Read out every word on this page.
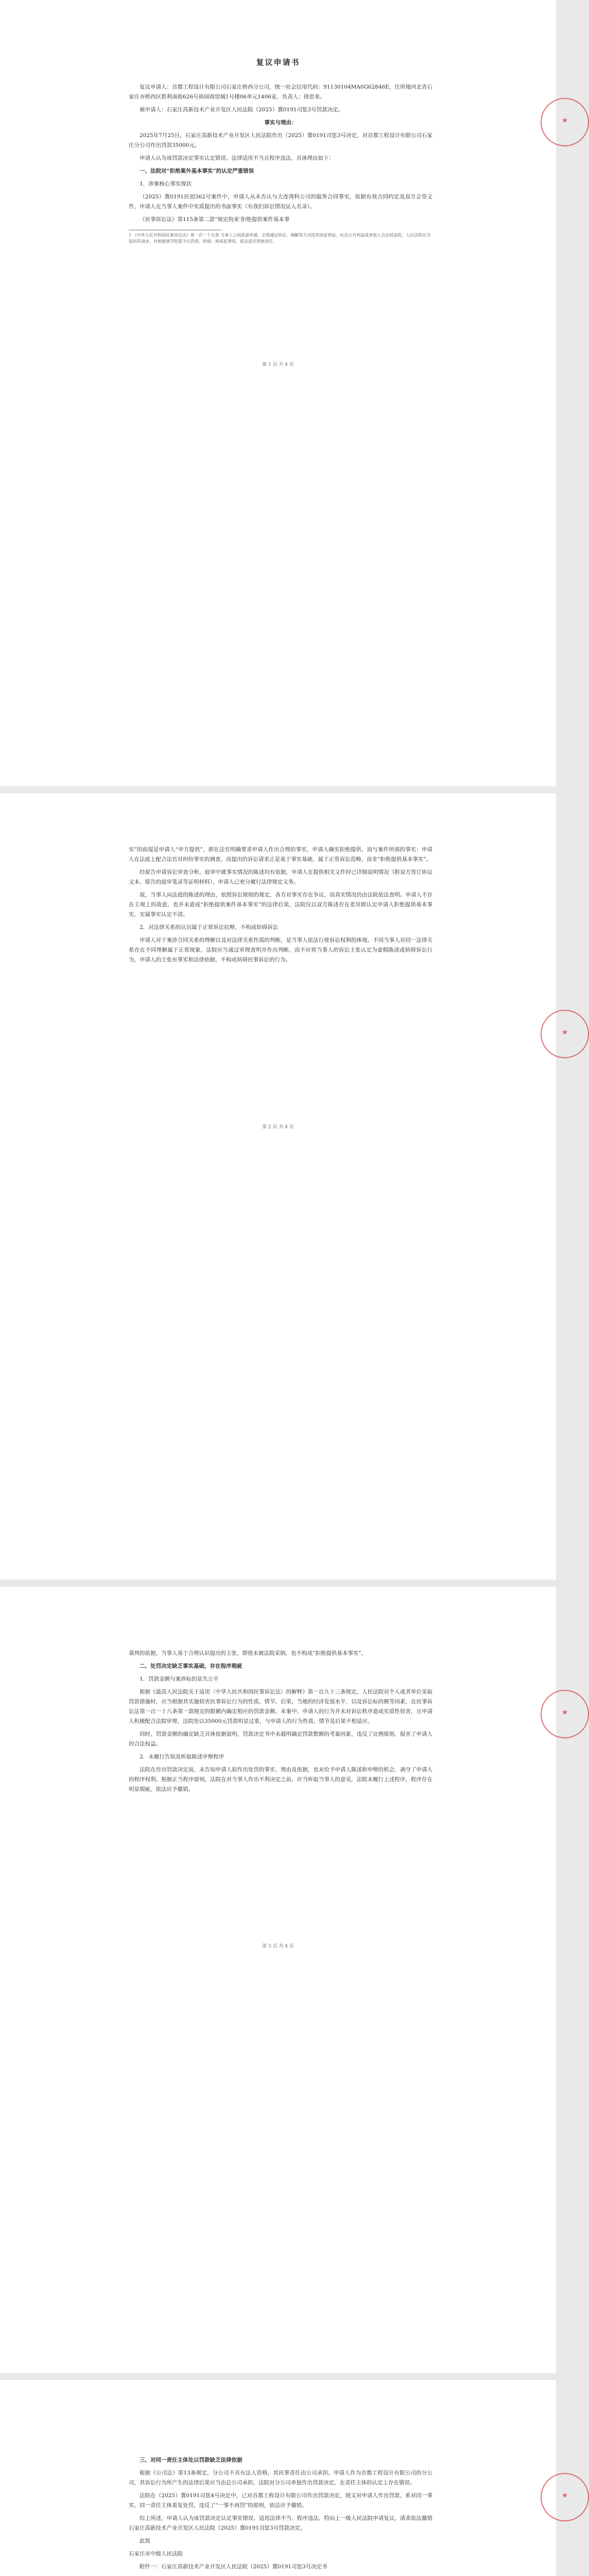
★
复议申请书

复议申请人：首都工程设计有限公司石家庄桥西分公司，统一社会信用代码：91130104MA0G62846E，住所地河北省石家庄市桥西区胜利南街626号裕园商贸城1号楼06单元1406室，负责人：徐思来。

被申请人：石家庄高新技术产业开发区人民法院（2025）冀0191司惩3号罚款决定。

事实与理由：

2025年7月25日，石家庄高新技术产业开发区人民法院作出（2025）冀0191司惩3号决定，对首都工程设计有限公司石家庄分公司作出罚款35000元。

申请人认为该罚款决定事实认定错误、法律适用不当且程序违法，具体理由如下：

一、法院对“拒绝案外基本事实”的认定严重错误

1．涉案核心事实现状

（2025）冀0191民初362号案件中，申请人从未否认与大连湾科公司的服务合同事实，依据有效合同约定及双方会签文件，申请人在当事人案件中实质提出的书面事实（有我们诉讼情况证人名录）。

《民事诉讼法》第115条第二款“规定拘束‘拒绝提供案件基本事

1 《中华人民共和国民事诉讼法》第一百一十五条 当事人之间恶意串通，企图通过诉讼、调解等方式侵害国家利益、社会公共利益或者他人合法权益的，人民法院应当驳回其请求，并根据情节轻重予以罚款、拘留；构成犯罪的，依法追究刑事责任。

第 1 页 共 4 页
★

实”的前提是申请人“申方提供”，即在法官明确要求申请人作出合理的事实，申请人确实拒绝提供，而与案件所需的事实：申请人在法庭上配合法官对纠纷事实的调查，而提出的诉讼请求正是基于事实基础，属于正常诉讼范畴，而非“拒绝提供基本事实”。

经原告申请诉讼审查分析，庭审中就事实情况的陈述均有依据，申请人在提供相关文件时已详细说明情况（附双方签订协议文本、原告的庭审笔录等证明材料），申请人已充分履行法律规定义务。

故，当事人向法庭的陈述的理由，依照诉讼规则的规定，各方对事实存在争议，而真实情况仍由法院依法查明。申请人不存在主观上的故意，也并未造成“拒绝提供案件基本事实”的法律后果，法院仅以双方陈述存在差异即认定申请人拒绝提供基本事实，实属事实认定不清。

2．对法律关系的认识属于正常诉讼抗辩，不构成妨碍诉讼

申请人对于案涉合同关系的理解以及对法律关系性质的判断，是当事人依法行使诉讼权利的体现。不同当事人对同一法律关系存在不同理解属于正常现象，法院应当通过审理查明并作出判断，而不应将当事人的诉讼主张认定为虚假陈述或妨碍诉讼行为，申请人的主张有事实和法律依据，不构成妨碍民事诉讼的行为。

第 2 页 共 4 页
★

裁判的依据，当事人基于合理认识提出的主张，即使未被法院采纳，也不构成“拒绝提供基本事实”。

二、处罚决定缺乏事实基础，存在程序瑕疵

1．罚款金额与案涉标的显失公平

根据《最高人民法院关于适用〈中华人民共和国民事诉讼法〉的解释》第一百九十三条规定，人民法院对个人或者单位采取罚款措施时，应当根据其实施妨害民事诉讼行为的性质、情节、后果，当地的经济发展水平，以及诉讼标的额等因素，在民事诉讼法第一百一十八条第一款规定的限额内确定相应的罚款金额。本案中，申请人的行为并未对诉讼秩序造成实质性妨害，且申请人积极配合法院审理，法院处以35000元罚款明显过重，与申请人的行为性质、情节及后果不相适应。

同时，罚款金额的确定缺乏具体依据说明，罚款决定书中未载明确定罚款数额的考量因素，违反了比例原则，损害了申请人的合法权益。

2．未履行告知及听取陈述申辩程序

法院在作出罚款决定前，未告知申请人拟作出处罚的事实、理由及依据，也未给予申请人陈述和申辩的机会，剥夺了申请人的程序权利。根据正当程序原则，法院在对当事人作出不利决定之前，应当听取当事人的意见，法院未履行上述程序，程序存在明显瑕疵，依法应予撤销。

第 3 页 共 4 页
★

三、对同一责任主体处以罚款缺乏法律依据

根据《公司法》第13条规定，分公司不具有法人资格，其民事责任由公司承担。申请人作为首都工程设计有限公司的分公司，其诉讼行为所产生的法律后果应当由总公司承担，法院对分公司单独作出罚款决定，在责任主体的认定上存在错误。

法院在（2025）冀0191司惩4号决定中，已对首都工程设计有限公司作出罚款决定，现又对申请人作出罚款，系对同一事实、同一责任主体重复处罚，违反了“一事不再罚”的原则，依法应予撤销。

综上所述，申请人认为该罚款决定认定事实错误、适用法律不当、程序违法，特向上一级人民法院申请复议，请求依法撤销石家庄高新技术产业开发区人民法院（2025）冀0191司惩3号罚款决定。

此致

石家庄市中级人民法院

附件一：石家庄高新技术产业开发区人民法院（2025）冀0191司惩3号决定书
